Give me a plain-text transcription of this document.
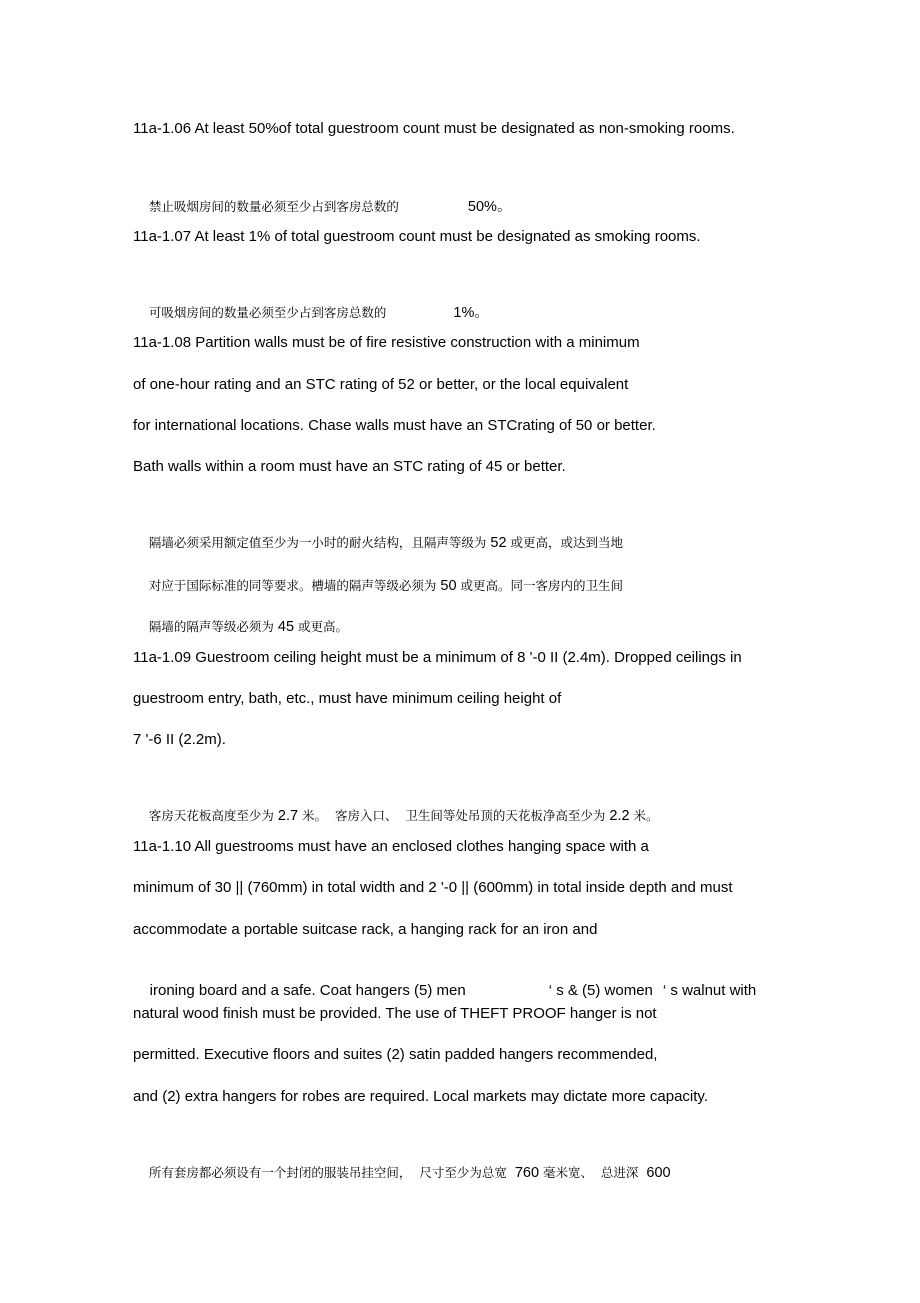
11a-1.06 At least 50%of total guestroom count must be designated as non-smoking rooms.

禁止吸烟房间的数量必须至少占到客房总数的	50%。

11a-1.07 At least 1% of total guestroom count must be designated as smoking rooms.

可吸烟房间的数量必须至少占到客房总数的	1%。

11a-1.08 Partition walls must be of fire resistive construction with a minimum
of one-hour rating and an STC rating of 52 or better, or the local equivalent
for international locations. Chase walls must have an STCrating of 50 or better.
Bath walls within a room must have an STC rating of 45 or better.

隔墙必须采用额定值至少为一小时的耐火结构，且隔声等级为 52 或更高，或达到当地

对应于国际标准的同等要求。槽墙的隔声等级必须为 50 或更高。同一客房内的卫生间

隔墙的隔声等级必须为 45 或更高。

11a-1.09 Guestroom ceiling height must be a minimum of 8 '-0 II (2.4m). Dropped ceilings in
guestroom entry, bath, etc., must have minimum ceiling height of
7 '-6 II (2.2m).

客房天花板高度至少为 2.7 米。  客房入口、  卫生间等处吊顶的天花板净高至少为 2.2 米。

11a-1.10 All guestrooms must have an enclosed clothes hanging space with a
minimum of 30 || (760mm) in total width and 2 '-0 || (600mm) in total inside depth and must
accommodate a portable suitcase rack, a hanging rack for an iron and

ironing board and a safe. Coat hangers (5) men	‘ s & (5) women ‘ s walnut with

natural wood finish must be provided. The use of THEFT PROOF hanger is not
permitted. Executive floors and suites (2) satin padded hangers recommended,
and (2) extra hangers for robes are required. Local markets may dictate more capacity.

所有套房都必须设有一个封闭的服装吊挂空间，  尺寸至少为总宽  760 毫米宽、  总进深  600
